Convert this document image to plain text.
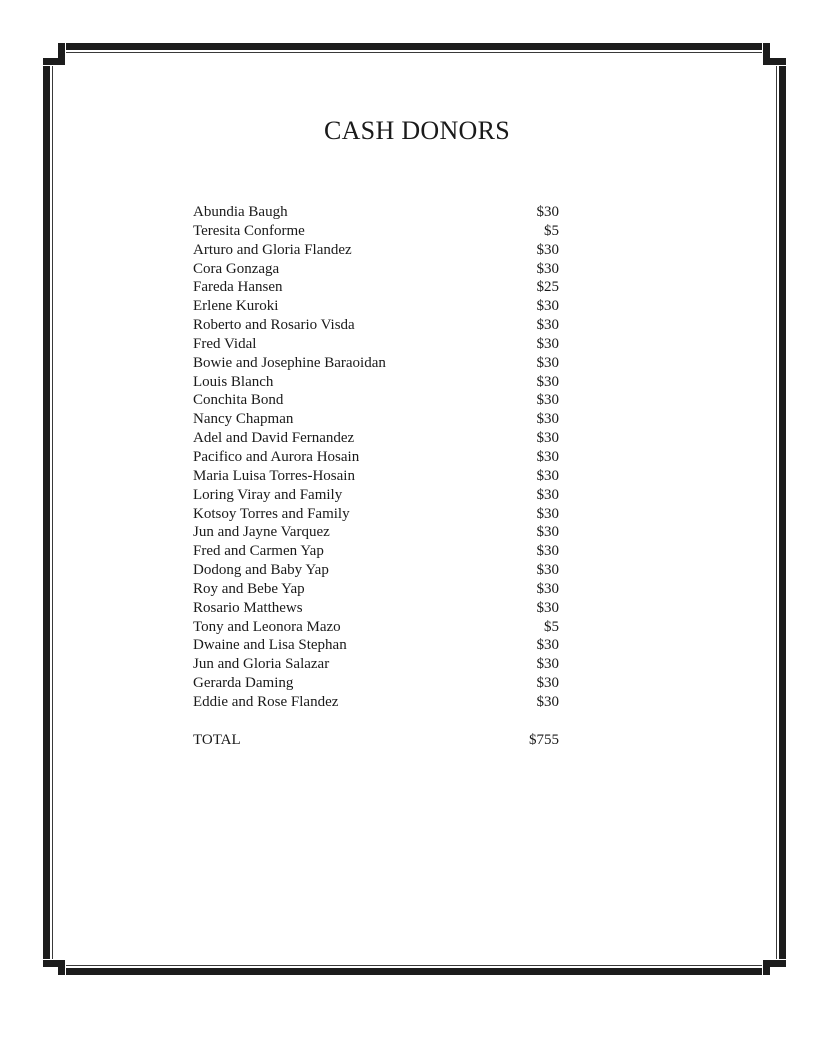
CASH DONORS
Abundia Baugh	$30
Teresita Conforme	$5
Arturo and Gloria Flandez	$30
Cora Gonzaga	$30
Fareda Hansen	$25
Erlene Kuroki	$30
Roberto and Rosario Visda	$30
Fred Vidal	$30
Bowie and Josephine Baraoidan	$30
Louis Blanch	$30
Conchita Bond	$30
Nancy Chapman	$30
Adel and David Fernandez	$30
Pacifico and Aurora Hosain	$30
Maria Luisa Torres-Hosain	$30
Loring Viray and Family	$30
Kotsoy Torres and Family	$30
Jun and Jayne Varquez	$30
Fred and Carmen Yap	$30
Dodong and Baby Yap	$30
Roy and Bebe Yap	$30
Rosario Matthews	$30
Tony and Leonora Mazo	$5
Dwaine and Lisa Stephan	$30
Jun and Gloria Salazar	$30
Gerarda Daming	$30
Eddie and Rose Flandez	$30
TOTAL	$755
